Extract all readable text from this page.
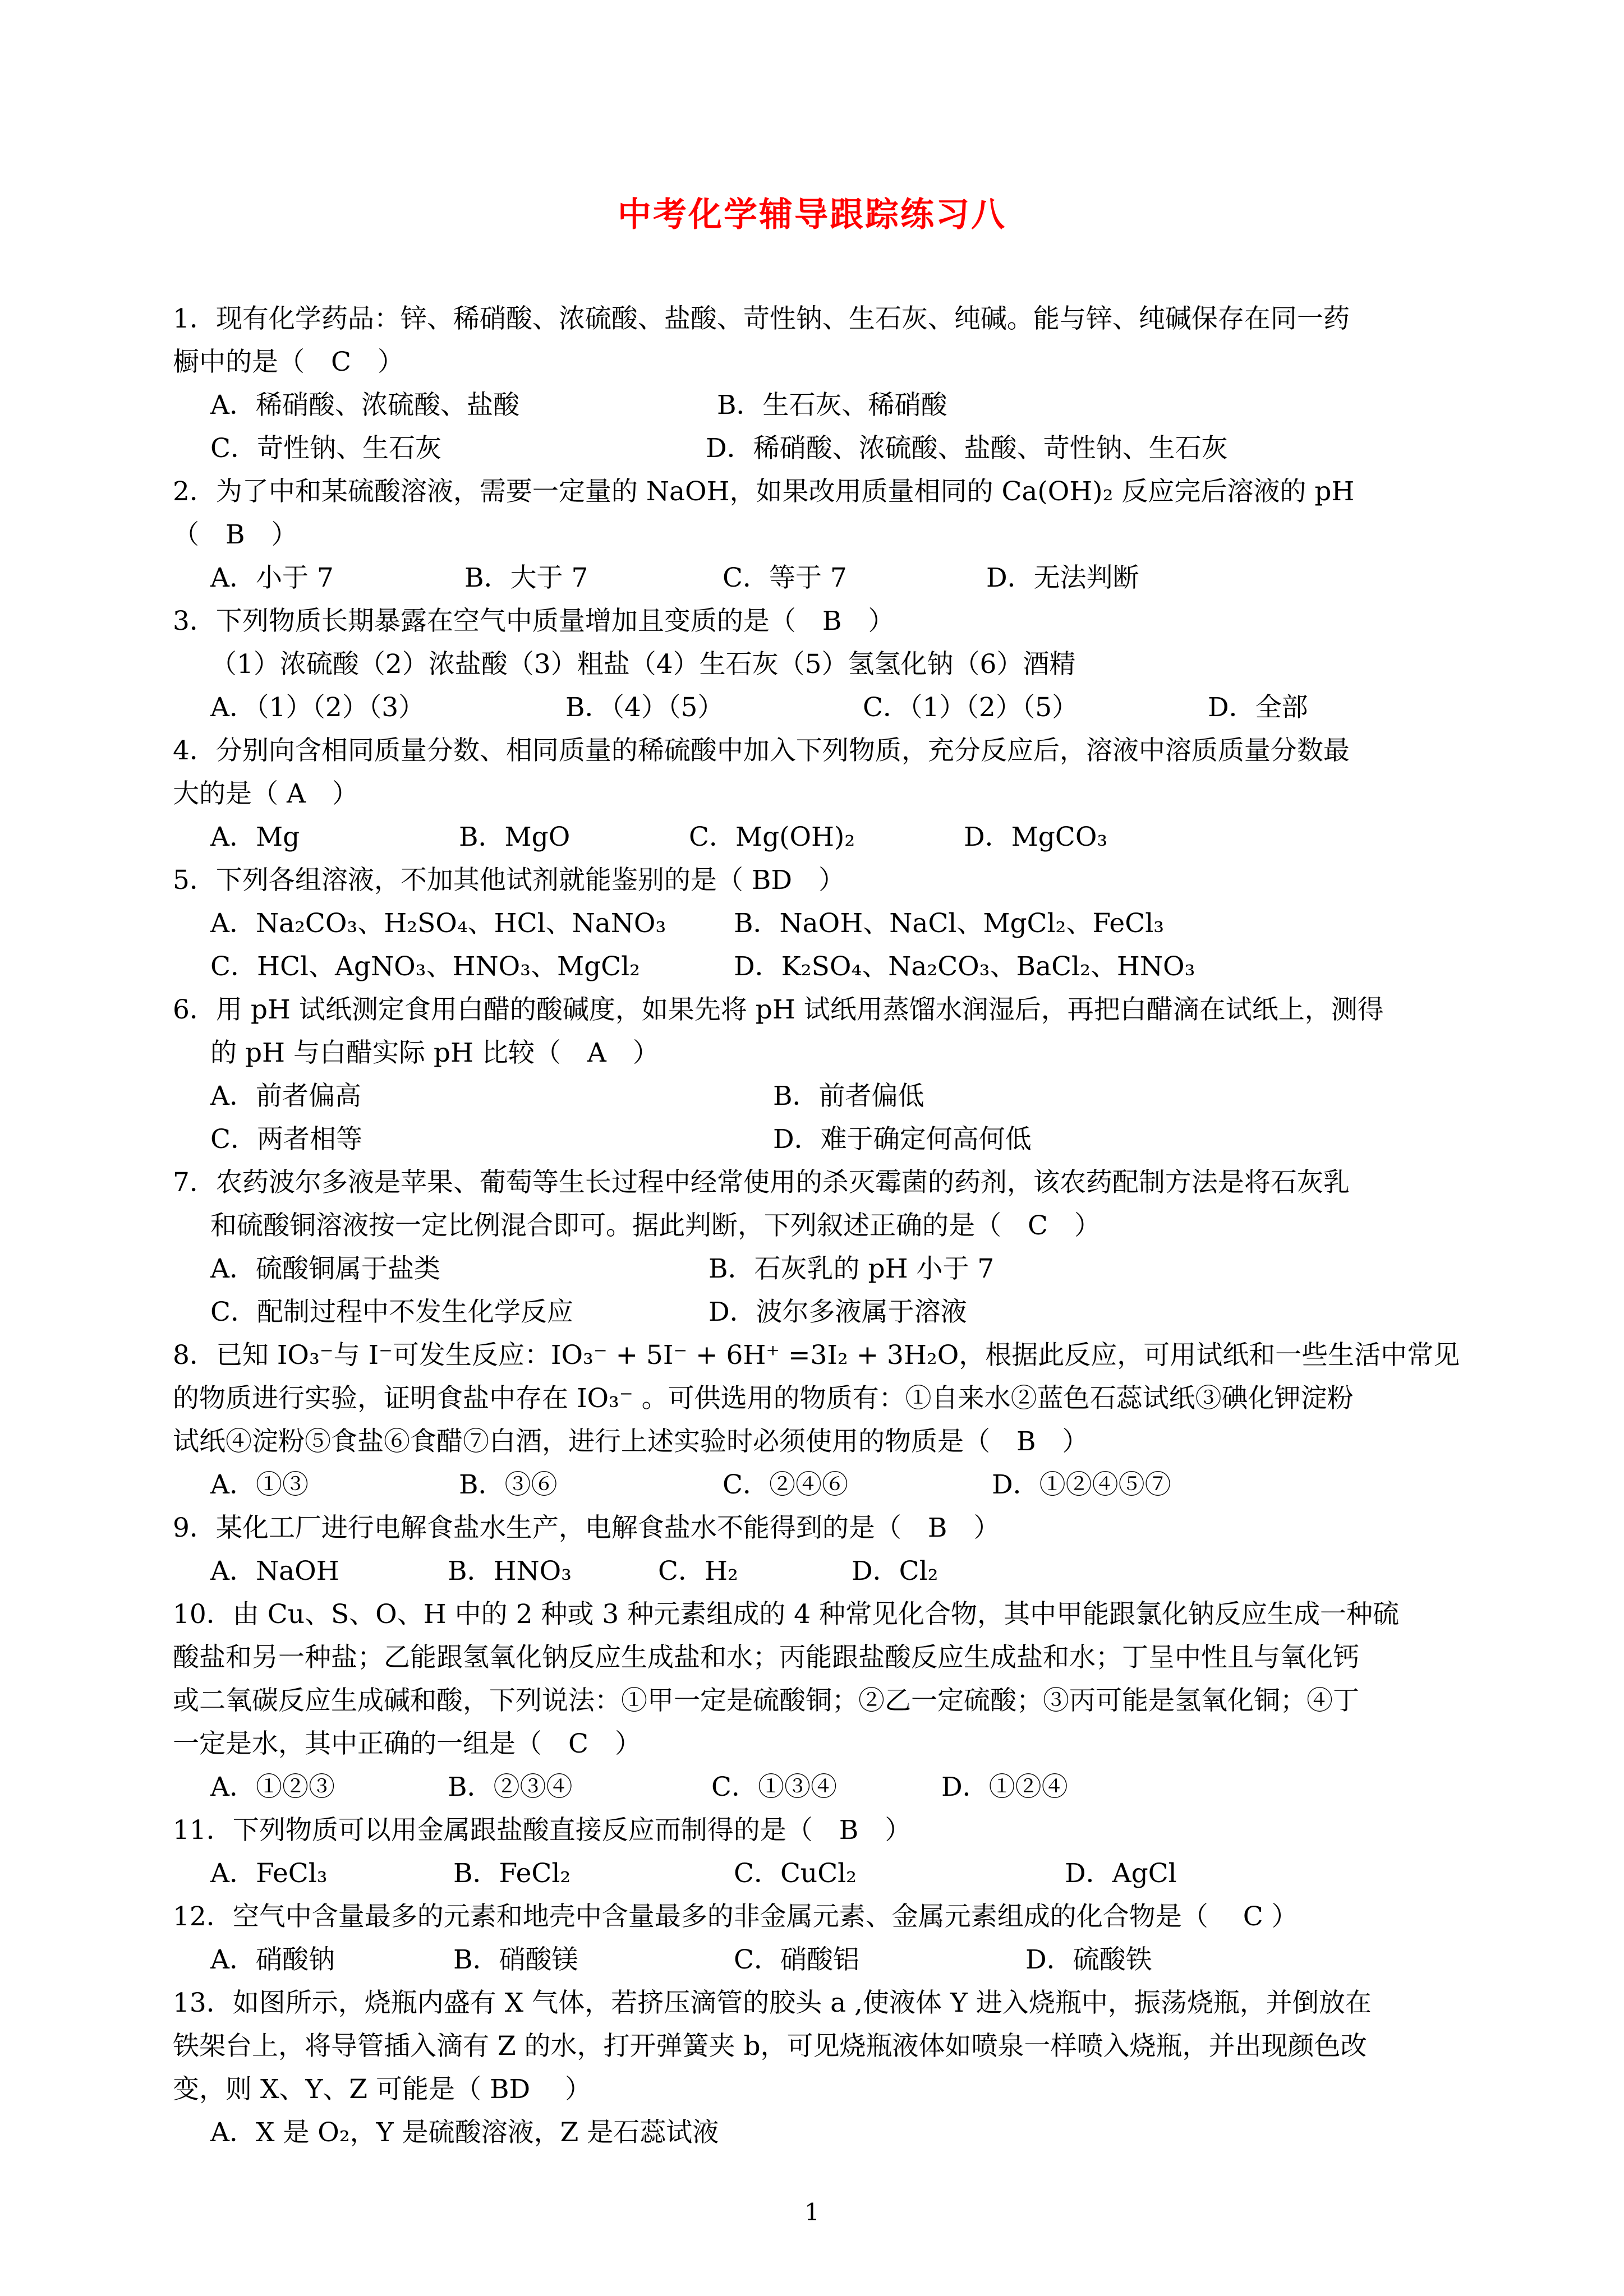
中考化学辅导跟踪练习八
1．现有化学药品：锌、稀硝酸、浓硫酸、盐酸、苛性钠、生石灰、纯碱。能与锌、纯碱保存在同一药
橱中的是（　C　）
A．稀硝酸、浓硫酸、盐酸	B．生石灰、稀硝酸
C．苛性钠、生石灰	D．稀硝酸、浓硫酸、盐酸、苛性钠、生石灰
2．为了中和某硫酸溶液，需要一定量的 NaOH，如果改用质量相同的 Ca(OH)₂ 反应完后溶液的 pH
（　B　）
A．小于 7	B．大于 7	C．等于 7	D．无法判断
3．下列物质长期暴露在空气中质量增加且变质的是（　B　）
（1）浓硫酸（2）浓盐酸（3）粗盐（4）生石灰（5）氢氢化钠（6）酒精
A．（1）（2）（3）	B．（4）（5）	C．（1）（2）（5）	D．全部
4．分别向含相同质量分数、相同质量的稀硫酸中加入下列物质，充分反应后，溶液中溶质质量分数最
大的是（ A　）
A．Mg	B．MgO	C．Mg(OH)₂	D．MgCO₃
5．下列各组溶液，不加其他试剂就能鉴别的是（ BD　）
A．Na₂CO₃、H₂SO₄、HCl、NaNO₃	B．NaOH、NaCl、MgCl₂、FeCl₃
C．HCl、AgNO₃、HNO₃、MgCl₂	D．K₂SO₄、Na₂CO₃、BaCl₂、HNO₃
6．用 pH 试纸测定食用白醋的酸碱度，如果先将 pH 试纸用蒸馏水润湿后，再把白醋滴在试纸上，测得
的 pH 与白醋实际 pH 比较（　A　）
A．前者偏高	B．前者偏低
C．两者相等	D．难于确定何高何低
7．农药波尔多液是苹果、葡萄等生长过程中经常使用的杀灭霉菌的药剂，该农药配制方法是将石灰乳
和硫酸铜溶液按一定比例混合即可。据此判断，下列叙述正确的是（　C　）
A．硫酸铜属于盐类	B．石灰乳的 pH 小于 7
C．配制过程中不发生化学反应	D．波尔多液属于溶液
8．已知 IO₃⁻与 I⁻可发生反应：IO₃⁻ + 5I⁻ + 6H⁺ =3I₂ + 3H₂O，根据此反应，可用试纸和一些生活中常见
的物质进行实验，证明食盐中存在 IO₃⁻ 。可供选用的物质有：①自来水②蓝色石蕊试纸③碘化钾淀粉
试纸④淀粉⑤食盐⑥食醋⑦白酒，进行上述实验时必须使用的物质是（　B　）
A．①③	B．③⑥	C．②④⑥	D．①②④⑤⑦
9．某化工厂进行电解食盐水生产，电解食盐水不能得到的是（　B　）
A．NaOH	B．HNO₃	C．H₂	D．Cl₂
10．由 Cu、S、O、H 中的 2 种或 3 种元素组成的 4 种常见化合物，其中甲能跟氯化钠反应生成一种硫
酸盐和另一种盐；乙能跟氢氧化钠反应生成盐和水；丙能跟盐酸反应生成盐和水；丁呈中性且与氧化钙
或二氧碳反应生成碱和酸，下列说法：①甲一定是硫酸铜；②乙一定硫酸；③丙可能是氢氧化铜；④丁
一定是水，其中正确的一组是（　C　）
A．①②③	B．②③④	C．①③④	D．①②④
11．下列物质可以用金属跟盐酸直接反应而制得的是（　B　）
A．FeCl₃	B．FeCl₂	C．CuCl₂	D．AgCl
12．空气中含量最多的元素和地壳中含量最多的非金属元素、金属元素组成的化合物是（　 C ）
A．硝酸钠	B．硝酸镁	C．硝酸铝	D．硫酸铁
13．如图所示，烧瓶内盛有 X 气体，若挤压滴管的胶头 a ,使液体 Y 进入烧瓶中，振荡烧瓶，并倒放在
铁架台上，将导管插入滴有 Z 的水，打开弹簧夹 b，可见烧瓶液体如喷泉一样喷入烧瓶，并出现颜色改
变，则 X、Y、Z 可能是（ BD　 ）
A．X 是 O₂，Y 是硫酸溶液，Z 是石蕊试液
1
